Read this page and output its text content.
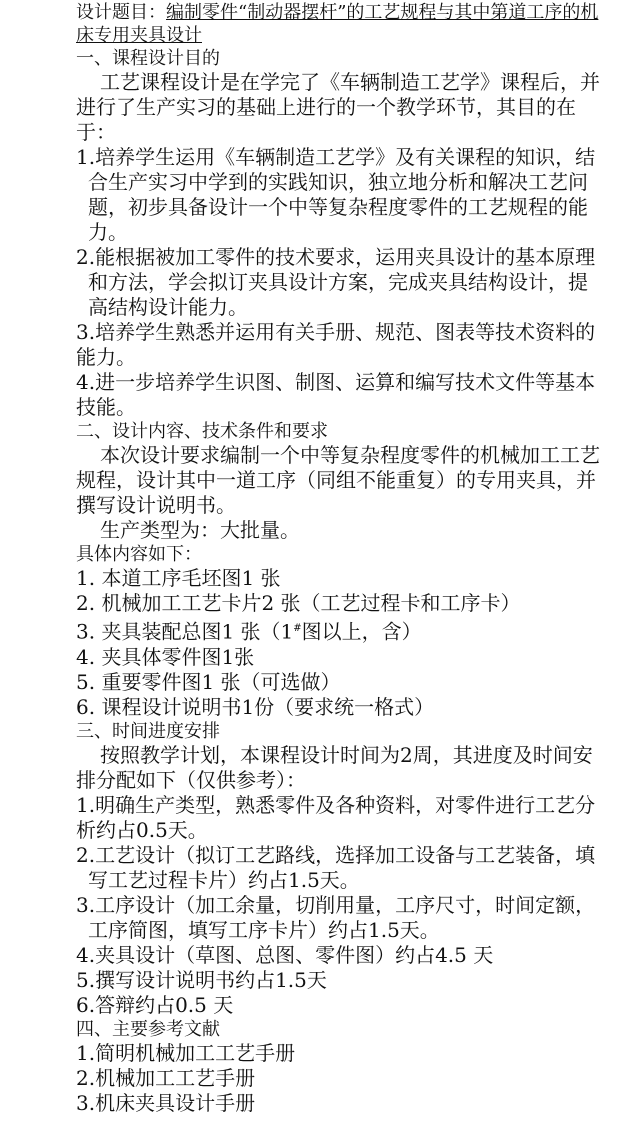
设计题目：编制零件“制动器摆杆”的工艺规程与其中第道工序的机床专用夹具设计
一、课程设计目的

工艺课程设计是在学完了《车辆制造工艺学》课程后，并进行了生产实习的基础上进行的一个教学环节，其目的在于：

1.培养学生运用《车辆制造工艺学》及有关课程的知识，结合生产实习中学到的实践知识，独立地分析和解决工艺问题，初步具备设计一个中等复杂程度零件的工艺规程的能力。

2.能根据被加工零件的技术要求，运用夹具设计的基本原理和方法，学会拟订夹具设计方案，完成夹具结构设计，提高结构设计能力。

3.培养学生熟悉并运用有关手册、规范、图表等技术资料的能力。

4.进一步培养学生识图、制图、运算和编写技术文件等基本技能。

二、设计内容、技术条件和要求

本次设计要求编制一个中等复杂程度零件的机械加工工艺规程，设计其中一道工序（同组不能重复）的专用夹具，并撰写设计说明书。

生产类型为：大批量。

具体内容如下：
1. 本道工序毛坯图1 张
2. 机械加工工艺卡片2 张（工艺过程卡和工序卡）
3. 夹具装配总图1 张（1#图以上，含）
4. 夹具体零件图1张
5. 重要零件图1 张（可选做）
6. 课程设计说明书1份（要求统一格式）
三、时间进度安排

按照教学计划，本课程设计时间为2周，其进度及时间安排分配如下（仅供参考）：

1.明确生产类型，熟悉零件及各种资料，对零件进行工艺分析约占0.5天。

2.工艺设计（拟订工艺路线，选择加工设备与工艺装备，填写工艺过程卡片）约占1.5天。

3.工序设计（加工余量，切削用量，工序尺寸，时间定额，工序简图，填写工序卡片）约占1.5天。

4.夹具设计（草图、总图、零件图）约占4.5 天

5.撰写设计说明书约占1.5天

6.答辩约占0.5 天

四、主要参考文献

1.简明机械加工工艺手册

2.机械加工工艺手册

3.机床夹具设计手册
